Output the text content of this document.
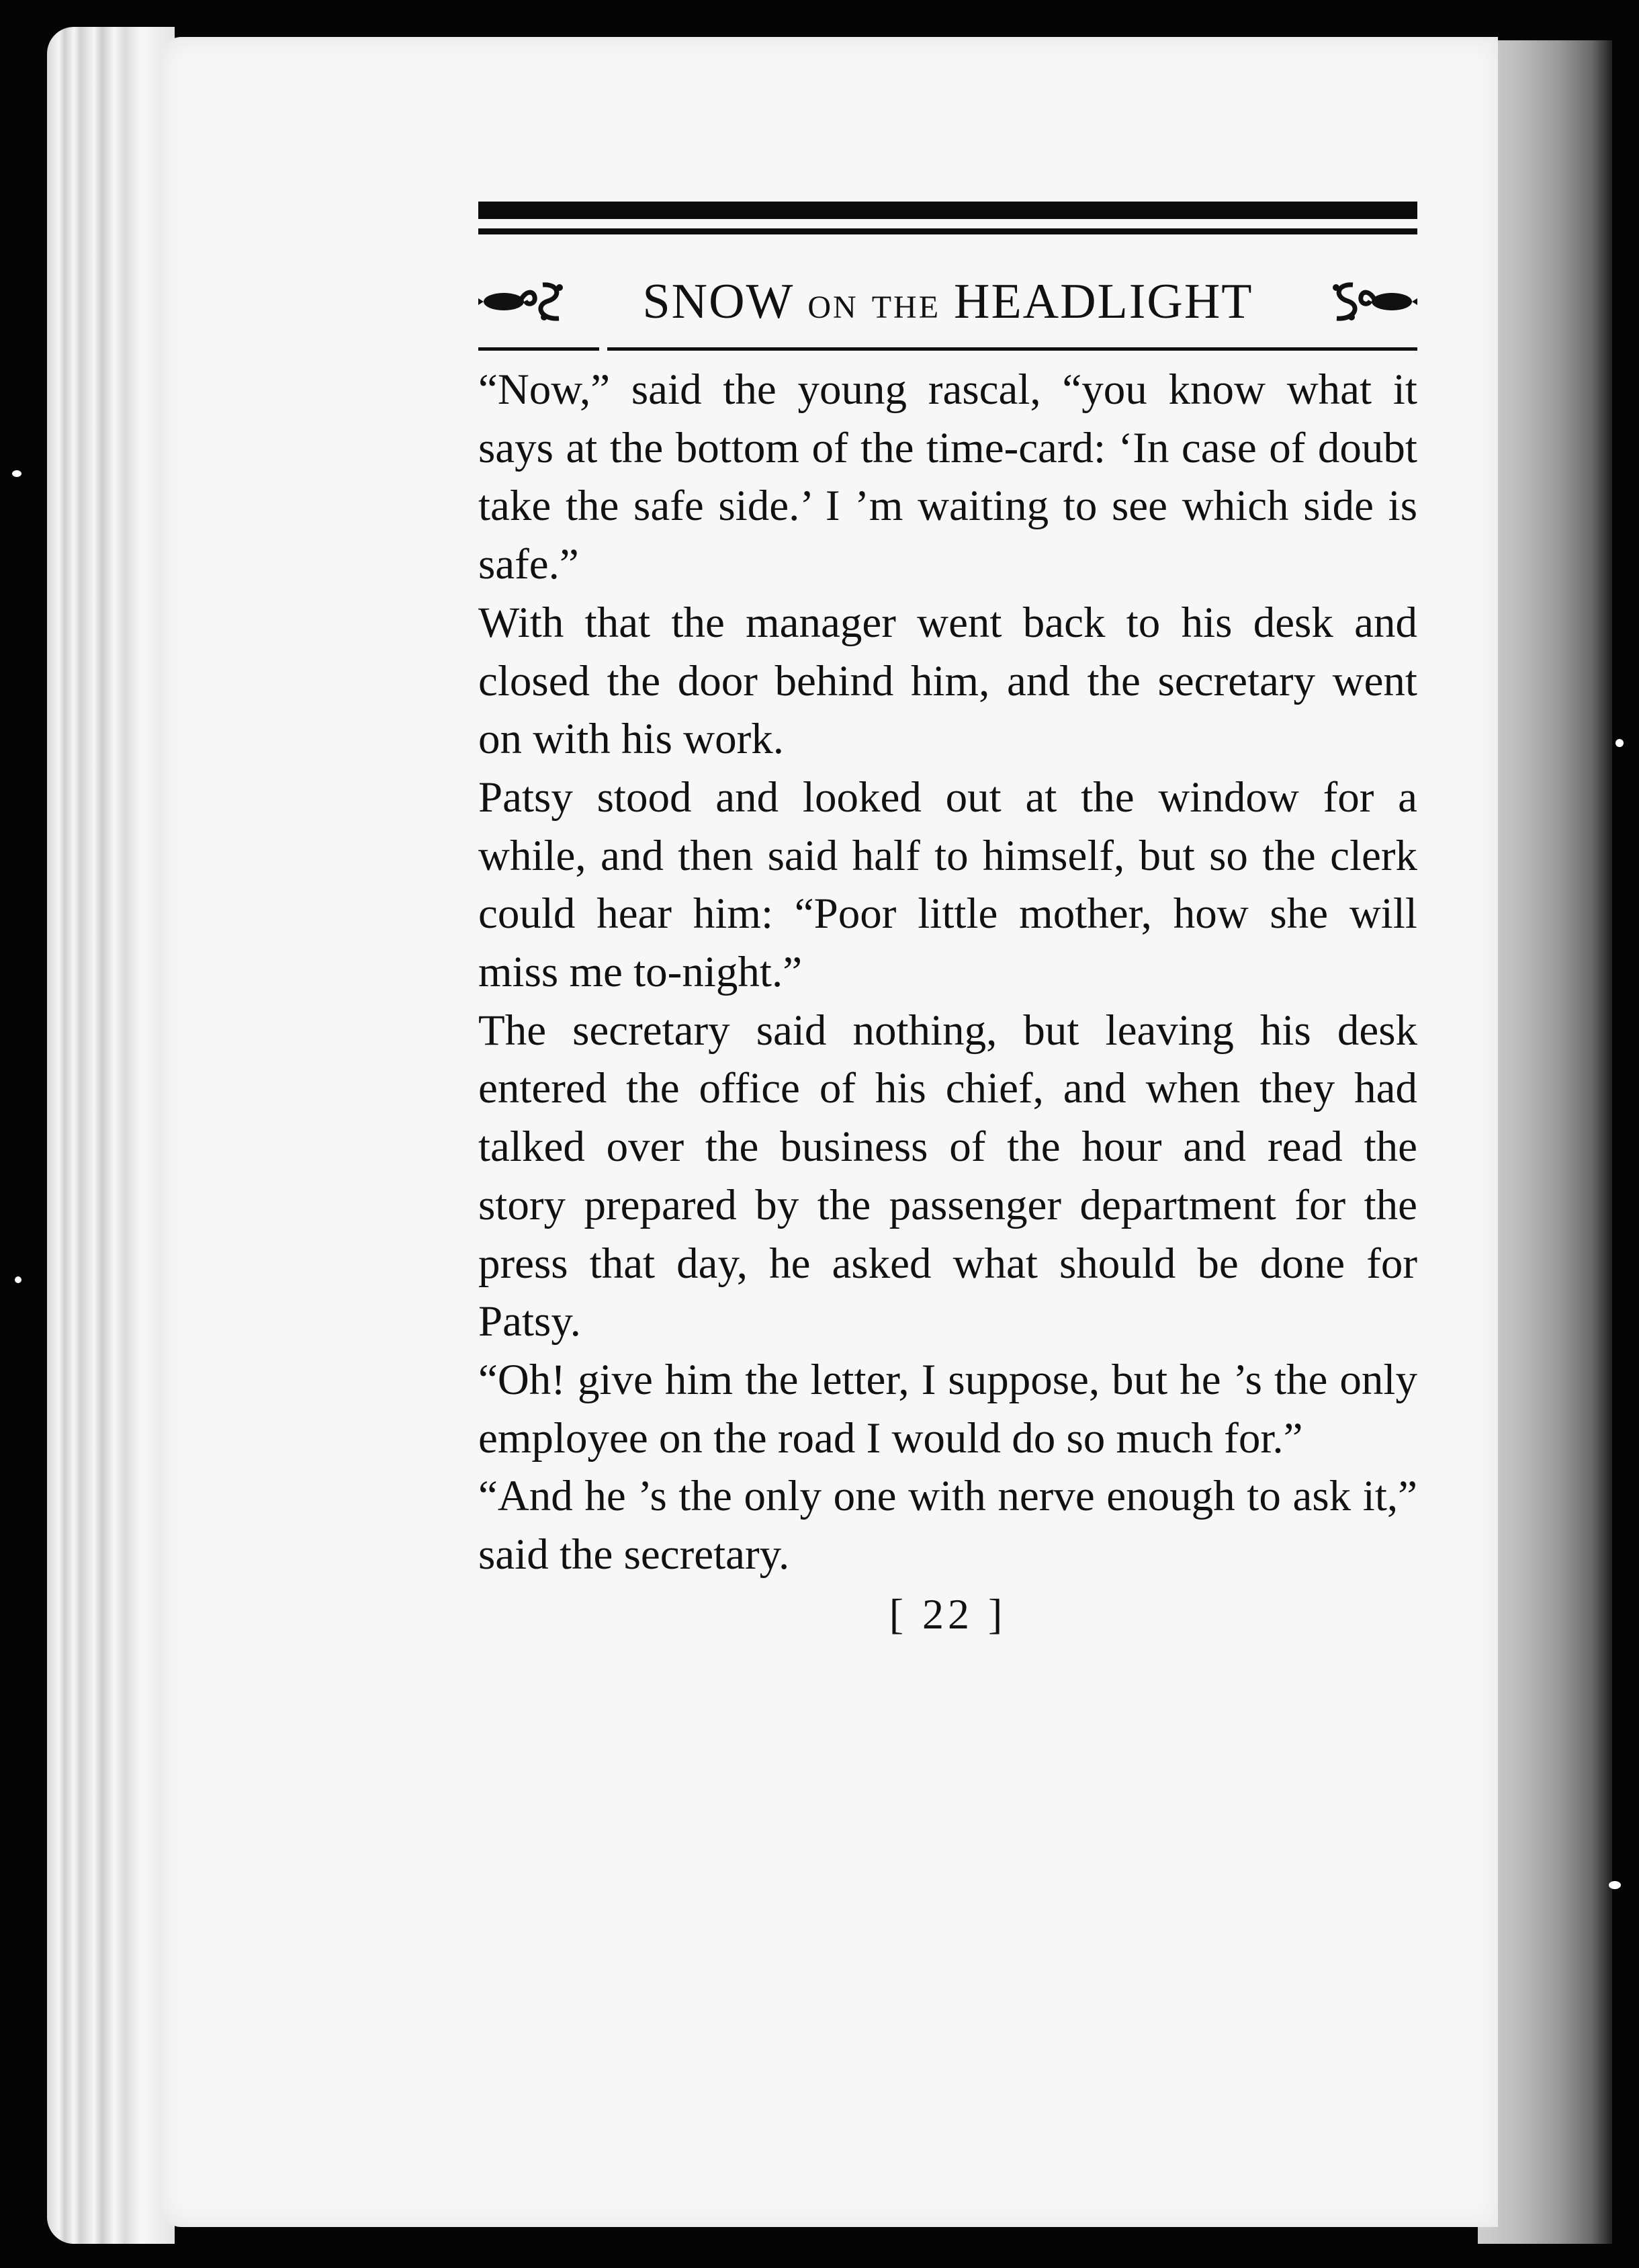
SNOW ON THE HEADLIGHT

“Now,” said the young rascal, “you know what it says at the bottom of the time-card: ‘In case of doubt take the safe side.’ I ’m waiting to see which side is safe.”

With that the manager went back to his desk and closed the door behind him, and the secretary went on with his work.

Patsy stood and looked out at the window for a while, and then said half to himself, but so the clerk could hear him: “Poor little mother, how she will miss me to-night.”

The secretary said nothing, but leaving his desk entered the office of his chief, and when they had talked over the business of the hour and read the story prepared by the passenger department for the press that day, he asked what should be done for Patsy.

“Oh! give him the letter, I suppose, but he ’s the only employee on the road I would do so much for.”

“And he ’s the only one with nerve enough to ask it,” said the secretary.

[ 22 ]
